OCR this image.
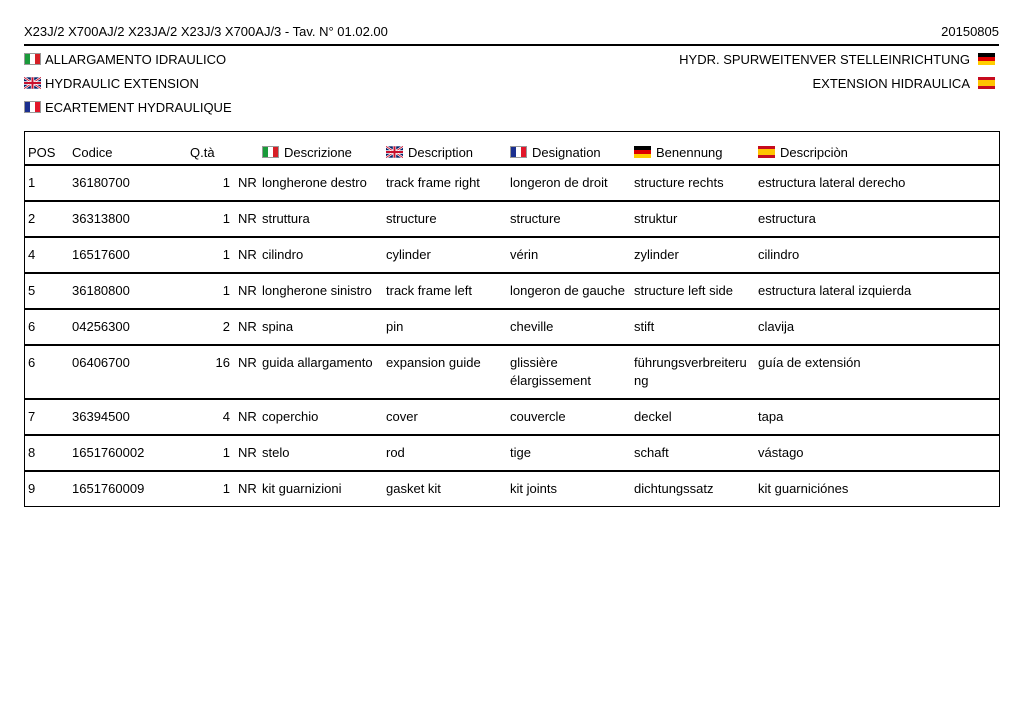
X23J/2 X700AJ/2 X23JA/2 X23J/3 X700AJ/3 - Tav. N° 01.02.00	20150805
ALLARGAMENTO IDRAULICO
HYDRAULIC EXTENSION
ECARTEMENT HYDRAULIQUE
HYDR. SPURWEITENVER STELLEINRICHTUNG
EXTENSION HIDRAULICA
POS	Codice	Q.tà		Descrizione	Description	Designation	Benennung	Descripciòn
1	36180700	1	NR	longherone destro	track frame right	longeron de droit	structure rechts	estructura lateral derecho
2	36313800	1	NR	struttura	structure	structure	struktur	estructura
4	16517600	1	NR	cilindro	cylinder	vérin	zylinder	cilindro
5	36180800	1	NR	longherone sinistro	track frame left	longeron de gauche	structure left side	estructura lateral izquierda
6	04256300	2	NR	spina	pin	cheville	stift	clavija
6	06406700	16	NR	guida allargamento	expansion guide	glissière élargissement	führungsverbreiteru ng	guía de extensión
7	36394500	4	NR	coperchio	cover	couvercle	deckel	tapa
8	1651760002	1	NR	stelo	rod	tige	schaft	vástago
9	1651760009	1	NR	kit guarnizioni	gasket kit	kit joints	dichtungssatz	kit guarniciónes
